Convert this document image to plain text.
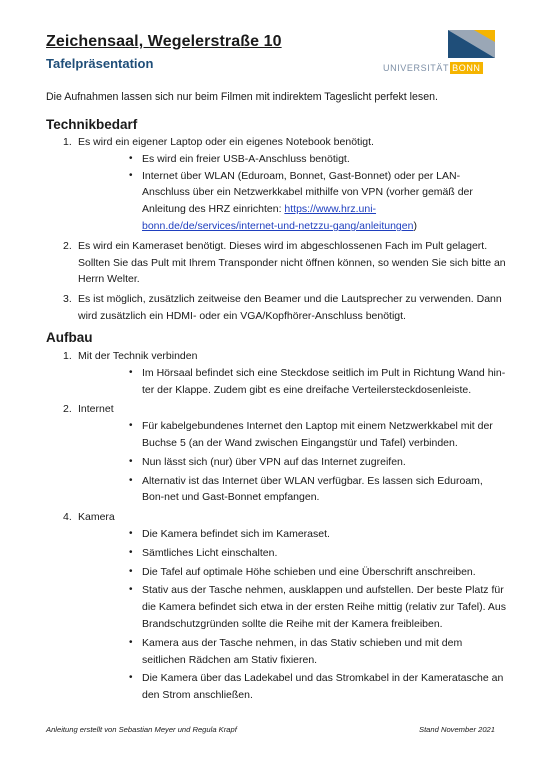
Zeichensaal, Wegelerstraße 10
Tafelpräsentation	UNIVERSITÄT BONN
Die Aufnahmen lassen sich nur beim Filmen mit indirektem Tageslicht perfekt lesen.
Technikbedarf
1. Es wird ein eigener Laptop oder ein eigenes Notebook benötigt.
• Es wird ein freier USB-A-Anschluss benötigt.
• Internet über WLAN (Eduroam, Bonnet, Gast-Bonnet) oder per LAN-Anschluss über ein Netzwerkkabel mithilfe von VPN (vorher gemäß der Anleitung des HRZ einrichten: https://www.hrz.uni-bonn.de/de/services/internet-und-netzzu-gang/anleitungen)
2. Es wird ein Kameraset benötigt. Dieses wird im abgeschlossenen Fach im Pult gelagert. Sollten Sie das Pult mit Ihrem Transponder nicht öffnen können, so wenden Sie sich bitte an Herrn Welter.
3. Es ist möglich, zusätzlich zeitweise den Beamer und die Lautsprecher zu verwenden. Dann wird zusätzlich ein HDMI- oder ein VGA/Kopfhörer-Anschluss benötigt.
Aufbau
1. Mit der Technik verbinden
• Im Hörsaal befindet sich eine Steckdose seitlich im Pult in Richtung Wand hin-ter der Klappe. Zudem gibt es eine dreifache Verteilersteckdosenleiste.
2. Internet
• Für kabelgebundenes Internet den Laptop mit einem Netzwerkkabel mit der Buchse 5 (an der Wand zwischen Eingangstür und Tafel) verbinden.
• Nun lässt sich (nur) über VPN auf das Internet zugreifen.
• Alternativ ist das Internet über WLAN verfügbar. Es lassen sich Eduroam, Bon-net und Gast-Bonnet empfangen.
4. Kamera
• Die Kamera befindet sich im Kameraset.
• Sämtliches Licht einschalten.
• Die Tafel auf optimale Höhe schieben und eine Überschrift anschreiben.
• Stativ aus der Tasche nehmen, ausklappen und aufstellen. Der beste Platz für die Kamera befindet sich etwa in der ersten Reihe mittig (relativ zur Tafel). Aus Brandschutzgründen sollte die Reihe mit der Kamera freibleiben.
• Kamera aus der Tasche nehmen, in das Stativ schieben und mit dem seitlichen Rädchen am Stativ fixieren.
• Die Kamera über das Ladekabel und das Stromkabel in der Kameratasche an den Strom anschließen.
Anleitung erstellt von Sebastian Meyer und Regula Krapf	Stand November 2021
